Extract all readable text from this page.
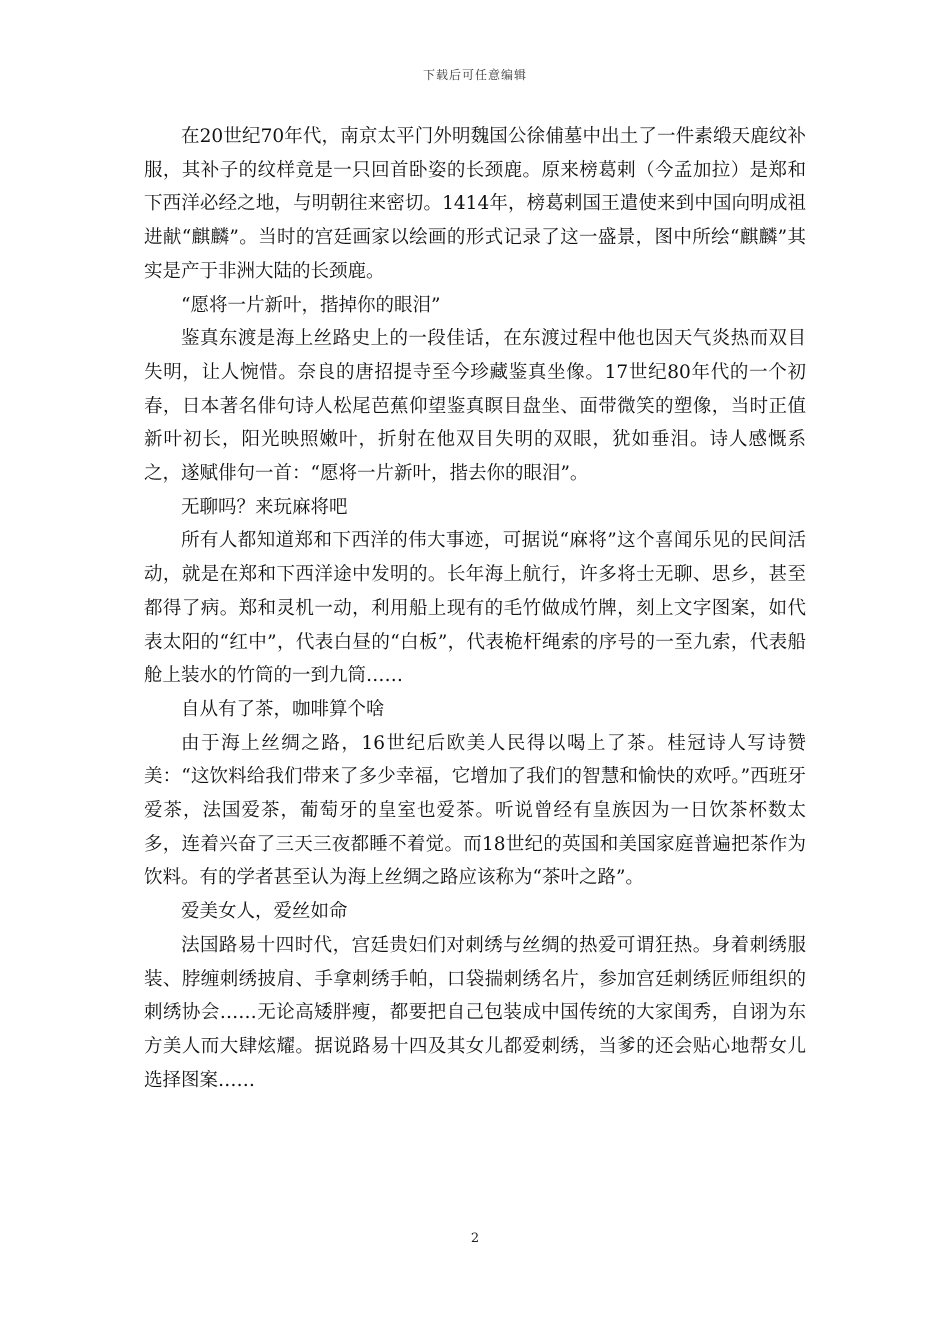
下载后可任意编辑

在20世纪70年代，南京太平门外明魏国公徐俌墓中出土了一件素缎天鹿纹补服，其补子的纹样竟是一只回首卧姿的长颈鹿。原来榜葛剌（今孟加拉）是郑和下西洋必经之地，与明朝往来密切。1414年，榜葛剌国王遣使来到中国向明成祖进献“麒麟”。当时的宫廷画家以绘画的形式记录了这一盛景，图中所绘“麒麟”其实是产于非洲大陆的长颈鹿。

“愿将一片新叶，揩掉你的眼泪”

鉴真东渡是海上丝路史上的一段佳话，在东渡过程中他也因天气炎热而双目失明，让人惋惜。奈良的唐招提寺至今珍藏鉴真坐像。17世纪80年代的一个初春，日本著名俳句诗人松尾芭蕉仰望鉴真瞑目盘坐、面带微笑的塑像，当时正值新叶初长，阳光映照嫩叶，折射在他双目失明的双眼，犹如垂泪。诗人感慨系之，遂赋俳句一首：“愿将一片新叶，揩去你的眼泪”。

无聊吗？来玩麻将吧

所有人都知道郑和下西洋的伟大事迹，可据说“麻将”这个喜闻乐见的民间活动，就是在郑和下西洋途中发明的。长年海上航行，许多将士无聊、思乡，甚至都得了病。郑和灵机一动，利用船上现有的毛竹做成竹牌，刻上文字图案，如代表太阳的“红中”，代表白昼的“白板”，代表桅杆绳索的序号的一至九索，代表船舱上装水的竹筒的一到九筒……

自从有了茶，咖啡算个啥

由于海上丝绸之路，16世纪后欧美人民得以喝上了茶。桂冠诗人写诗赞美：“这饮料给我们带来了多少幸福，它增加了我们的智慧和愉快的欢呼。”西班牙爱茶，法国爱茶，葡萄牙的皇室也爱茶。听说曾经有皇族因为一日饮茶杯数太多，连着兴奋了三天三夜都睡不着觉。而18世纪的英国和美国家庭普遍把茶作为饮料。有的学者甚至认为海上丝绸之路应该称为“茶叶之路”。

爱美女人，爱丝如命

法国路易十四时代，宫廷贵妇们对刺绣与丝绸的热爱可谓狂热。身着刺绣服装、脖缠刺绣披肩、手拿刺绣手帕，口袋揣刺绣名片，参加宫廷刺绣匠师组织的刺绣协会……无论高矮胖瘦，都要把自己包装成中国传统的大家闺秀，自诩为东方美人而大肆炫耀。据说路易十四及其女儿都爱刺绣，当爹的还会贴心地帮女儿选择图案……

2
